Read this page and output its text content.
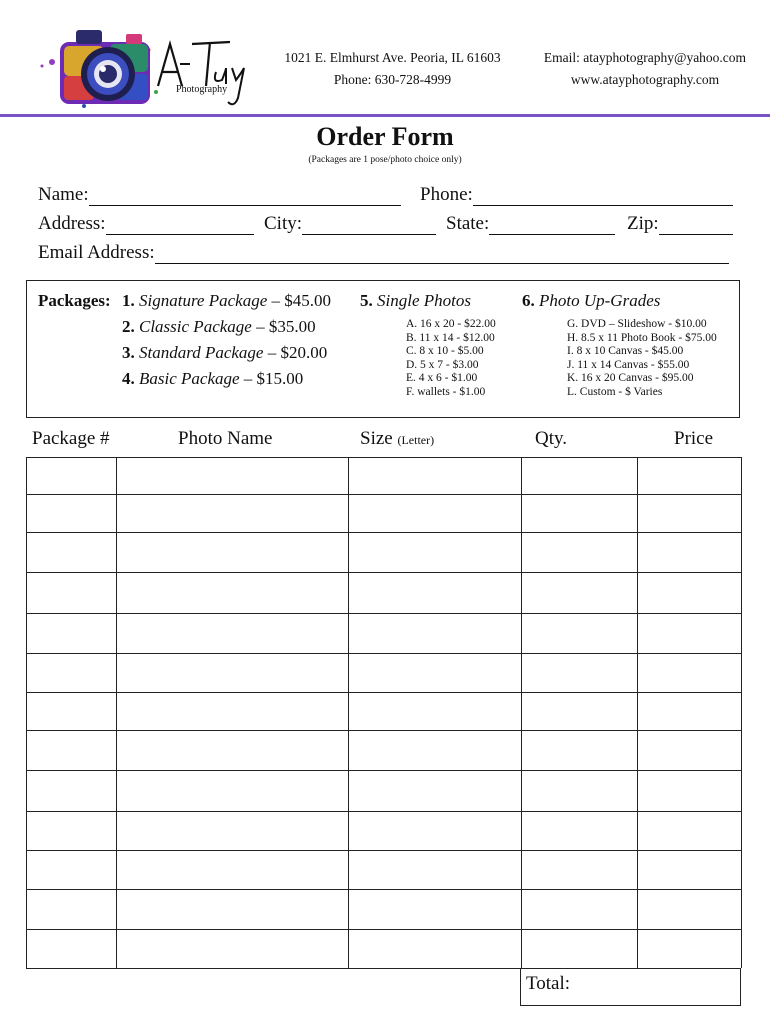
Photography
1021 E. Elmhurst Ave. Peoria, IL 61603
Phone: 630-728-4999
Email: atayphotography@yahoo.com
www.atayphotography.com
Order Form
(Packages are 1 pose/photo choice only)
Name:	Phone:
Address:	City:	State:	Zip:
Email Address:
Packages: 1. Signature Package – $45.00
2. Classic Package – $35.00
3. Standard Package – $20.00
4. Basic Package – $15.00
5. Single Photos
A. 16 x 20 - $22.00
B. 11 x 14 - $12.00
C. 8 x 10 - $5.00
D. 5 x 7 - $3.00
E. 4 x 6 - $1.00
F. wallets - $1.00
6. Photo Up-Grades
G. DVD – Slideshow - $10.00
H. 8.5 x 11 Photo Book - $75.00
I. 8 x 10 Canvas - $45.00
J. 11 x 14 Canvas - $55.00
K. 16 x 20 Canvas - $95.00
L. Custom - $ Varies
Package #	Photo Name	Size (Letter)	Qty.	Price
Total:
